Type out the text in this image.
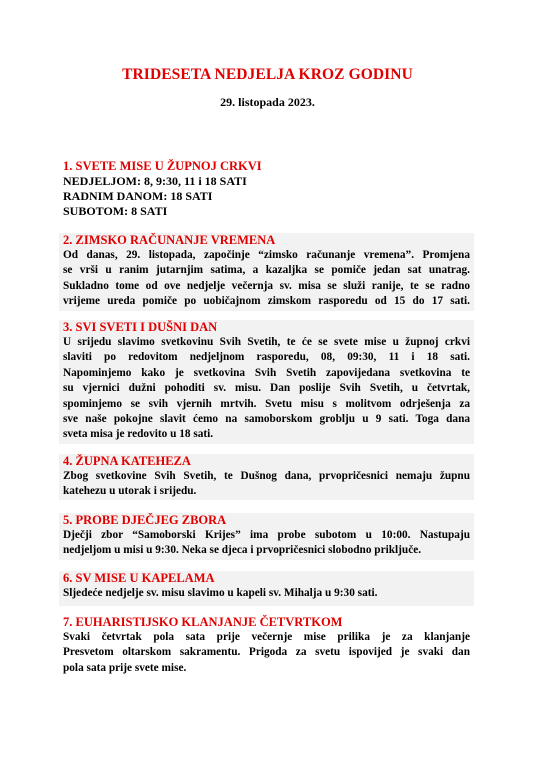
TRIDESETA NEDJELJA KROZ GODINU
29. listopada 2023.
1. SVETE MISE U ŽUPNOJ CRKVI
NEDJELJOM: 8, 9:30, 11 i 18 SATI
RADNIM DANOM: 18 SATI
SUBOTOM: 8 SATI
2. ZIMSKO RAČUNANJE VREMENA
Od danas, 29. listopada, započinje “zimsko računanje vremena”. Promjena
se vrši u ranim jutarnjim satima, a kazaljka se pomiče jedan sat unatrag.
Sukladno tome od ove nedjelje večernja sv. misa se služi ranije, te se radno
vrijeme ureda pomiče po uobičajnom zimskom rasporedu od 15 do 17 sati.
3. SVI SVETI I DUŠNI DAN
U srijedu slavimo svetkovinu Svih Svetih, te će se svete mise u župnoj crkvi
slaviti po redovitom nedjeljnom rasporedu, 08, 09:30, 11 i 18 sati.
Napominjemo kako je svetkovina Svih Svetih zapovijedana svetkovina te
su vjernici dužni pohoditi sv. misu. Dan poslije Svih Svetih, u četvrtak,
spominjemo se svih vjernih mrtvih. Svetu misu s molitvom odrješenja za
sve naše pokojne slavit ćemo na samoborskom groblju u 9 sati. Toga dana
sveta misa je redovito u 18 sati.
4. ŽUPNA KATEHEZA
Zbog svetkovine Svih Svetih, te Dušnog dana, prvopričesnici nemaju župnu
katehezu u utorak i srijedu.
5. PROBE DJEČJEG ZBORA
Dječji zbor “Samoborski Krijes” ima probe subotom u 10:00. Nastupaju
nedjeljom u misi u 9:30. Neka se djeca i prvopričesnici slobodno priključe.
6. SV MISE U KAPELAMA
Sljedeće nedjelje sv. misu slavimo u kapeli sv. Mihalja u 9:30 sati.
7. EUHARISTIJSKO KLANJANJE ČETVRTKOM
Svaki četvrtak pola sata prije večernje mise prilika je za klanjanje
Presvetom oltarskom sakramentu. Prigoda za svetu ispovijed je svaki dan
pola sata prije svete mise.
